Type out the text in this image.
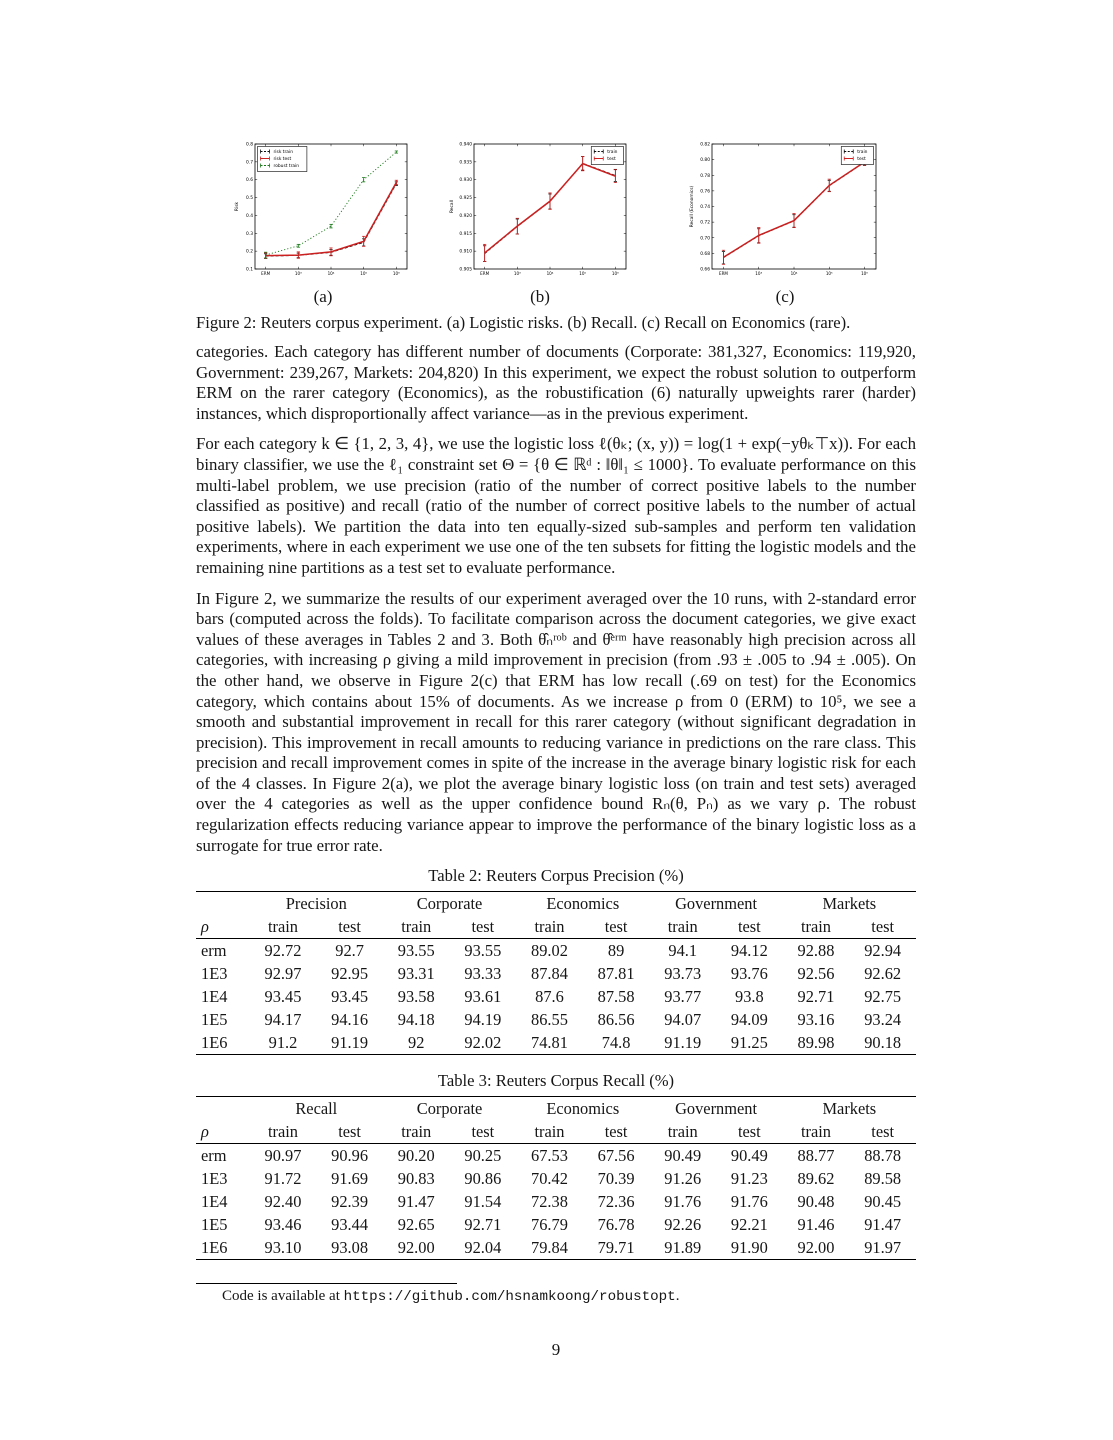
0.1
0.2
0.3
0.4
0.5
0.6
0.7
0.8
ERM	10³	10⁴	10⁵	10⁶
Risk
risk train
risk test
robust train
(a)
0.905
0.910
0.915
0.920
0.925
0.930
0.935
0.940
ERM	10³	10⁴	10⁵	10⁶
Recall
train
test
(b)
0.66
0.68
0.70
0.72
0.74
0.76
0.78
0.80
0.82
ERM	10³	10⁴	10⁵	10⁶
Recall (Economics)
train
test
(c)
Figure 2: Reuters corpus experiment. (a) Logistic risks. (b) Recall. (c) Recall on Economics (rare).

categories. Each category has different number of documents (Corporate: 381,327, Economics: 119,920, Government: 239,267, Markets: 204,820) In this experiment, we expect the robust solution to outperform ERM on the rarer category (Economics), as the robustification (6) naturally upweights rarer (harder) instances, which disproportionally affect variance—as in the previous experiment.

For each category k ∈ {1, 2, 3, 4}, we use the logistic loss ℓ(θₖ; (x, y)) = log(1 + exp(−yθₖ⊤x)). For each binary classifier, we use the ℓ₁ constraint set Θ = {θ ∈ ℝᵈ : ‖θ‖₁ ≤ 1000}. To evaluate performance on this multi-label problem, we use precision (ratio of the number of correct positive labels to the number classified as positive) and recall (ratio of the number of correct positive labels to the number of actual positive labels). We partition the data into ten equally-sized sub-samples and perform ten validation experiments, where in each experiment we use one of the ten subsets for fitting the logistic models and the remaining nine partitions as a test set to evaluate performance.

In Figure 2, we summarize the results of our experiment averaged over the 10 runs, with 2-standard error bars (computed across the folds). To facilitate comparison across the document categories, we give exact values of these averages in Tables 2 and 3. Both θ̂ₙʳᵒᵇ and θ̂ᵉʳᵐ have reasonably high precision across all categories, with increasing ρ giving a mild improvement in precision (from .93 ± .005 to .94 ± .005). On the other hand, we observe in Figure 2(c) that ERM has low recall (.69 on test) for the Economics category, which contains about 15% of documents. As we increase ρ from 0 (ERM) to 10⁵, we see a smooth and substantial improvement in recall for this rarer category (without significant degradation in precision). This improvement in recall amounts to reducing variance in predictions on the rare class. This precision and recall improvement comes in spite of the increase in the average binary logistic risk for each of the 4 classes. In Figure 2(a), we plot the average binary logistic loss (on train and test sets) averaged over the 4 categories as well as the upper confidence bound Rₙ(θ, Pₙ) as we vary ρ. The robust regularization effects reducing variance appear to improve the performance of the binary logistic loss as a surrogate for true error rate.

Table 2: Reuters Corpus Precision (%)
	Precision		Corporate		Economics		Government		Markets	
ρ	train	test	train	test	train	test	train	test	train	test
erm	92.72	92.7	93.55	93.55	89.02	89	94.1	94.12	92.88	92.94
1E3	92.97	92.95	93.31	93.33	87.84	87.81	93.73	93.76	92.56	92.62
1E4	93.45	93.45	93.58	93.61	87.6	87.58	93.77	93.8	92.71	92.75
1E5	94.17	94.16	94.18	94.19	86.55	86.56	94.07	94.09	93.16	93.24
1E6	91.2	91.19	92	92.02	74.81	74.8	91.19	91.25	89.98	90.18
Table 3: Reuters Corpus Recall (%)
	Recall		Corporate		Economics		Government		Markets	
ρ	train	test	train	test	train	test	train	test	train	test
erm	90.97	90.96	90.20	90.25	67.53	67.56	90.49	90.49	88.77	88.78
1E3	91.72	91.69	90.83	90.86	70.42	70.39	91.26	91.23	89.62	89.58
1E4	92.40	92.39	91.47	91.54	72.38	72.36	91.76	91.76	90.48	90.45
1E5	93.46	93.44	92.65	92.71	76.79	76.78	92.26	92.21	91.46	91.47
1E6	93.10	93.08	92.00	92.04	79.84	79.71	91.89	91.90	92.00	91.97
Code is available at https://github.com/hsnamkoong/robustopt.
9
